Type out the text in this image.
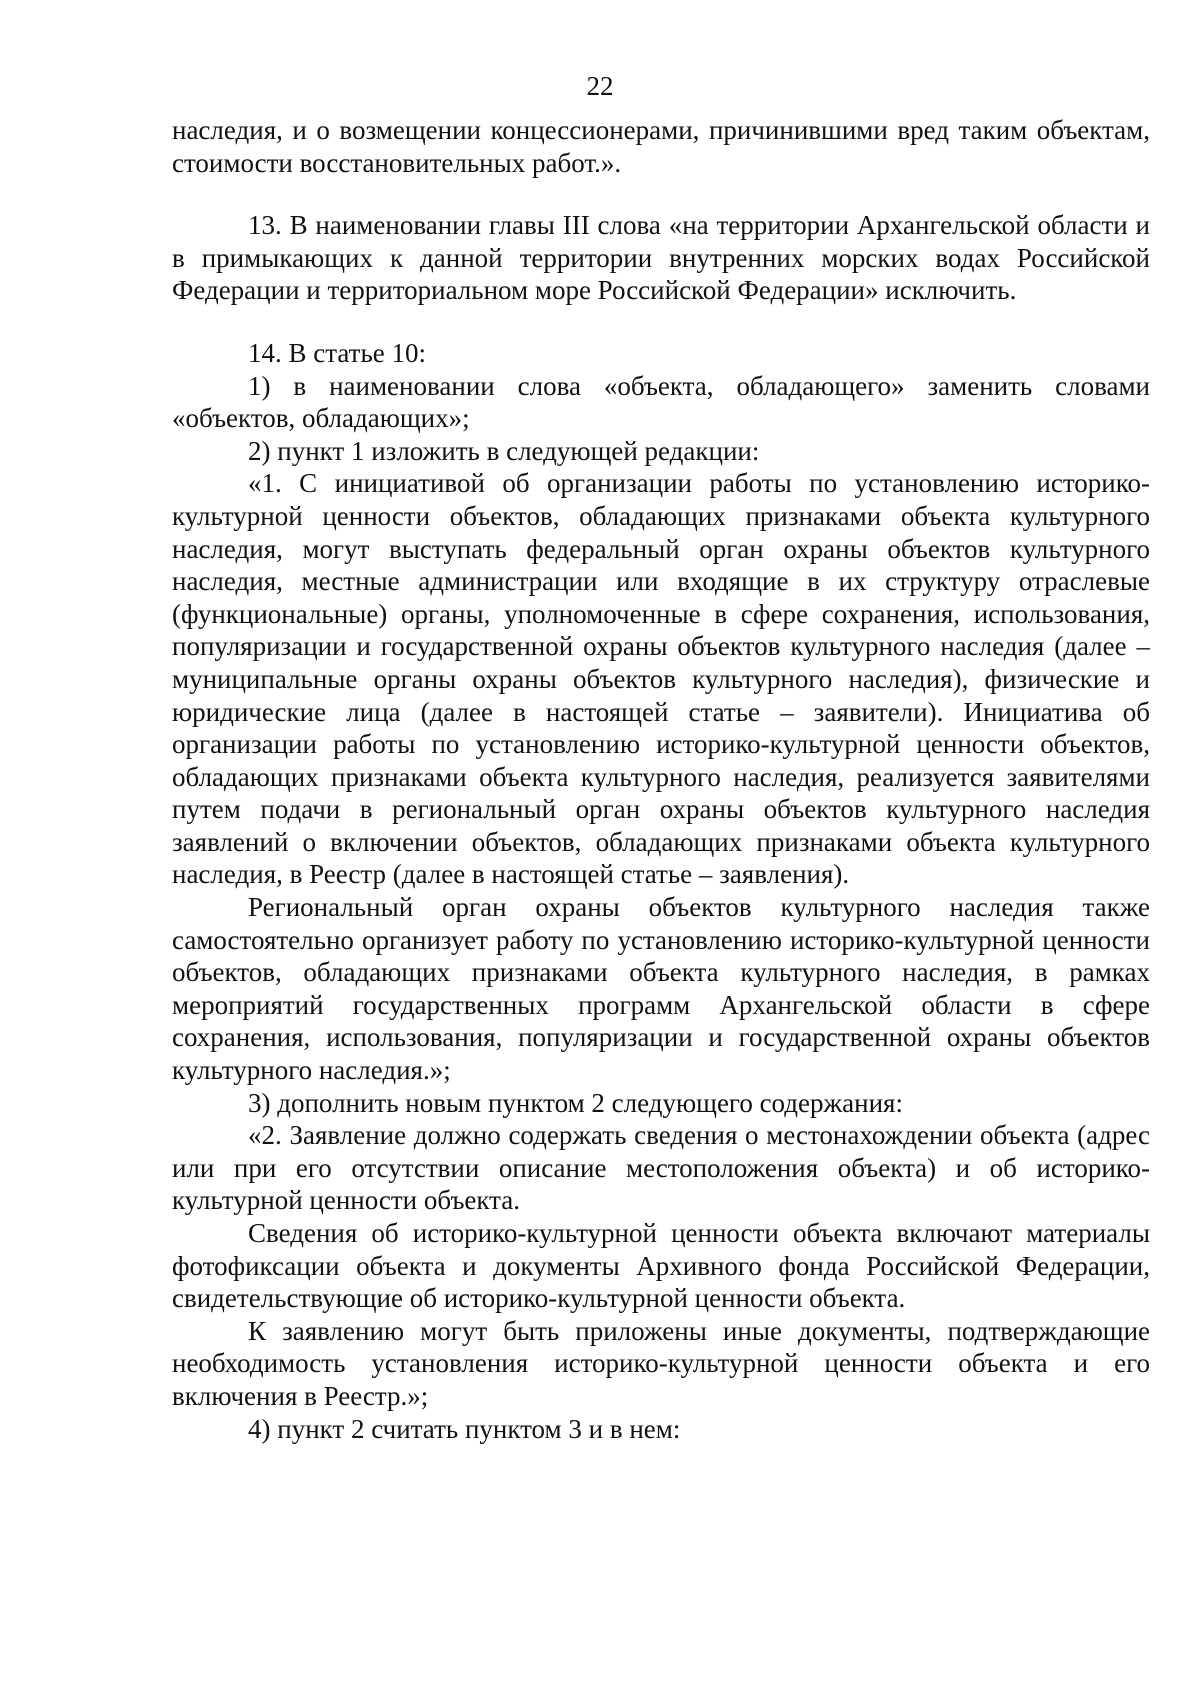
22

наследия, и о возмещении концессионерами, причинившими вред таким объектам, стоимости восстановительных работ.».

13. В наименовании главы III слова «на территории Архангельской области и в примыкающих к данной территории внутренних морских водах Российской Федерации и территориальном море Российской Федерации» исключить.

14. В статье 10:

1) в наименовании слова «объекта, обладающего» заменить словами «объектов, обладающих»;

2) пункт 1 изложить в следующей редакции:

«1. С инициативой об организации работы по установлению историко-культурной ценности объектов, обладающих признаками объекта культурного наследия, могут выступать федеральный орган охраны объектов культурного наследия, местные администрации или входящие в их структуру отраслевые (функциональные) органы, уполномоченные в сфере сохранения, использования, популяризации и государственной охраны объектов культурного наследия (далее – муниципальные органы охраны объектов культурного наследия), физические и юридические лица (далее в настоящей статье – заявители). Инициатива об организации работы по установлению историко-культурной ценности объектов, обладающих признаками объекта культурного наследия, реализуется заявителями путем подачи в региональный орган охраны объектов культурного наследия заявлений о включении объектов, обладающих признаками объекта культурного наследия, в Реестр (далее в настоящей статье – заявления).

Региональный орган охраны объектов культурного наследия также самостоятельно организует работу по установлению историко-культурной ценности объектов, обладающих признаками объекта культурного наследия, в рамках мероприятий государственных программ Архангельской области в сфере сохранения, использования, популяризации и государственной охраны объектов культурного наследия.»;

3) дополнить новым пунктом 2 следующего содержания:

«2. Заявление должно содержать сведения о местонахождении объекта (адрес или при его отсутствии описание местоположения объекта) и об историко-культурной ценности объекта.

Сведения об историко-культурной ценности объекта включают материалы фотофиксации объекта и документы Архивного фонда Российской Федерации, свидетельствующие об историко-культурной ценности объекта.

К заявлению могут быть приложены иные документы, подтверждающие необходимость установления историко-культурной ценности объекта и его включения в Реестр.»;

4) пункт 2 считать пунктом 3 и в нем:
